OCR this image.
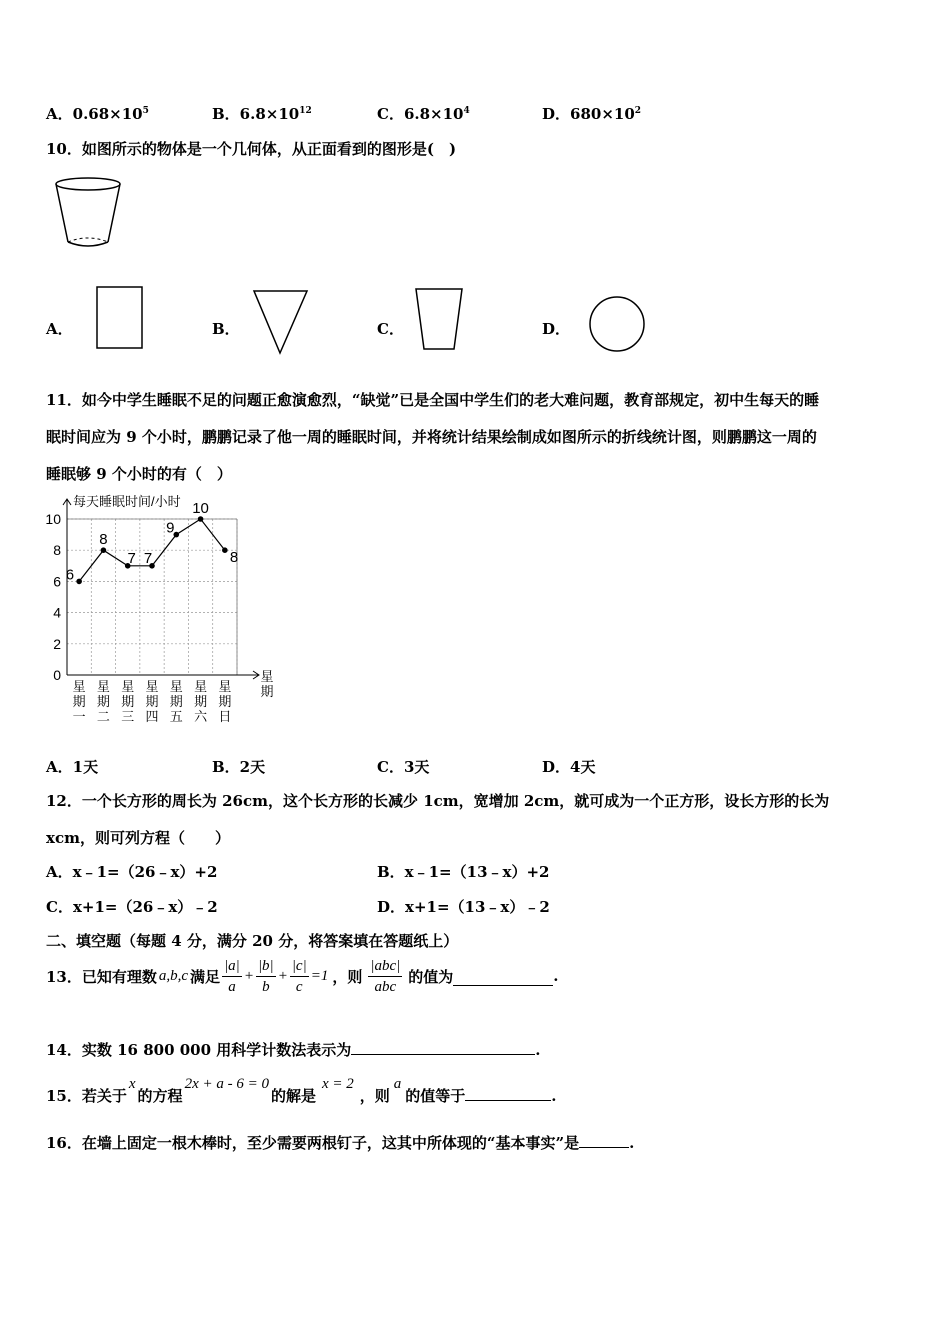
A．$0.68\times 10^5$	B．$6.8\times 10^{12}$	C．$6.8\times 10^4$	D．$680\times 10^2$
10．如图所示的物体是一个几何体，从正面看到的图形是(　)
A．	B．	C．	D．
11．如今中学生睡眠不足的问题正愈演愈烈，“缺觉”已是全国中学生们的老大难问题，教育部规定，初中生每天的睡
眠时间应为 9 个小时，鹏鹏记录了他一周的睡眠时间，并将统计结果绘制成如图所示的折线统计图，则鹏鹏这一周的
睡眠够 9 个小时的有（　）
0
2
4
6
8
10
每天睡眠时间/小时
6
8
7 7
9
10
8
星
期
一
星
期
二
星
期
三
星
期
四
星
期
五
星
期
六
星
期
日
星
期
A．1天	B．2天	C．3天	D．4天
12．一个长方形的周长为 26cm，这个长方形的长减少 1cm，宽增加 2cm，就可成为一个正方形，设长方形的长为
xcm，则可列方程（　　）
A．x﹣1=（26﹣x）+2	B．x﹣1=（13﹣x）+2
C．x+1=（26﹣x）﹣2	D．x+1=（13﹣x）﹣2
二、填空题（每题 4 分，满分 20 分，将答案填在答题纸上）
13．已知有理数 a,b,c 满足 $\frac{|a|}{a} + \frac{|b|}{b} + \frac{|c|}{c} =1$ ，则 $\frac{\text{|abc|}}{\text{abc}}$ 的值为	.
14．实数 16 800 000 用科学计数法表示为	.
15．若关于x的方程2x + a - 6 = 0的解是x = 2，则a的值等于	.
16．在墙上固定一根木棒时，至少需要两根钉子，这其中所体现的“基本事实”是	.
